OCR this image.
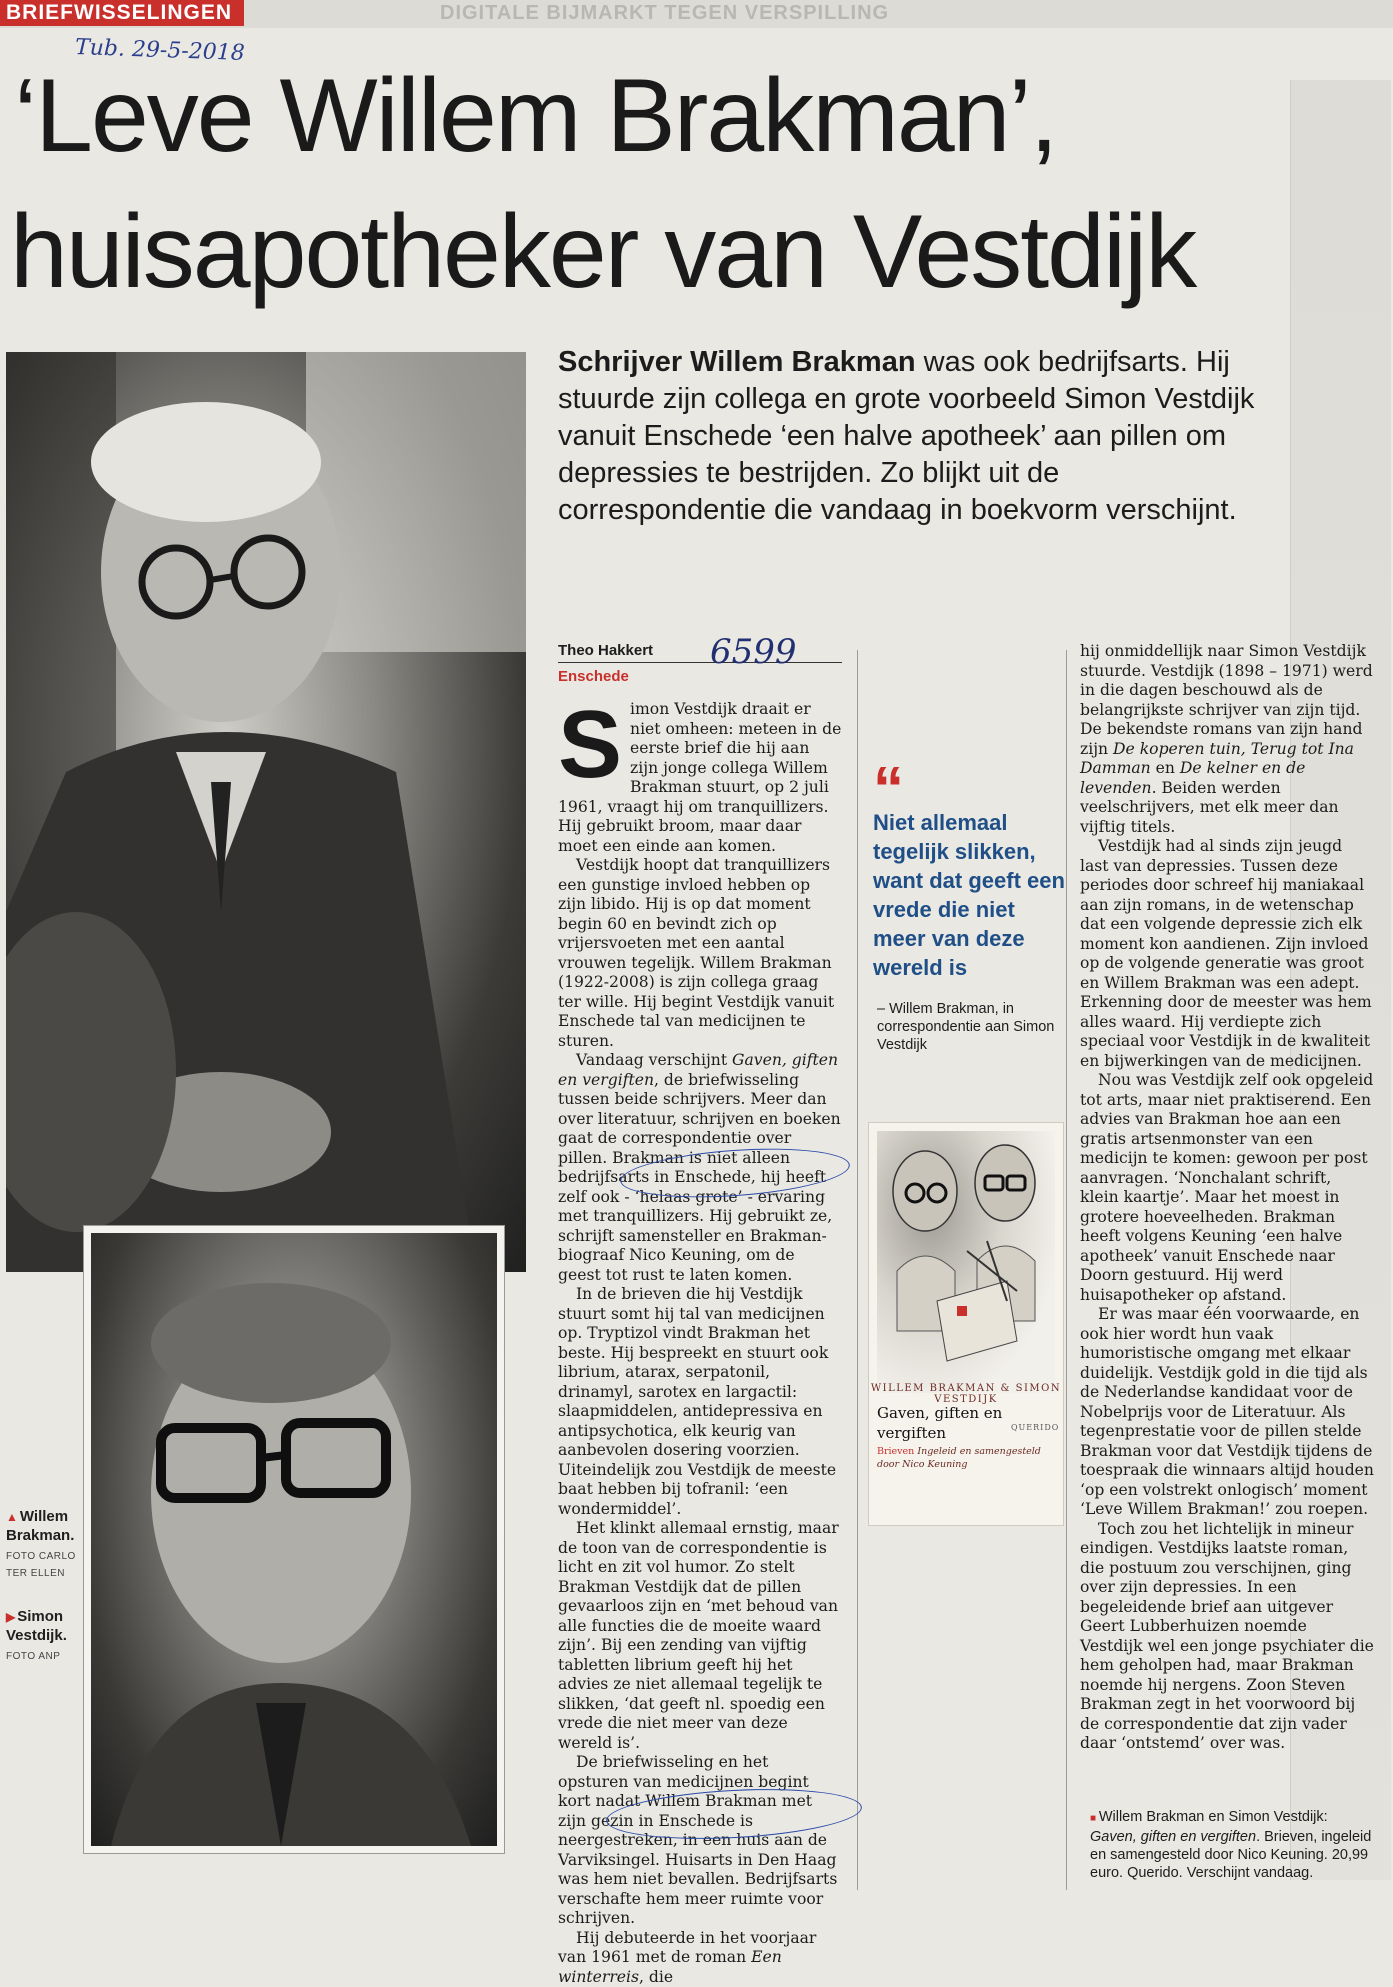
BRIEFWISSELINGEN	DIGITALE BIJMARKT TEGEN VERSPILLING
Tub. 29-5-2018
‘Leve Willem Brakman’,
huisapotheker van Vestdijk
▲ Willem
Brakman.
FOTO CARLO
TER ELLEN
▶ Simon
Vestdijk.
FOTO ANP
Schrijver Willem Brakman was ook bedrijfsarts. Hij stuurde zijn collega en grote voorbeeld Simon Vestdijk vanuit Enschede ‘een halve apotheek’ aan pillen om depressies te bestrijden. Zo blijkt uit de correspondentie die vandaag in boekvorm verschijnt.
Theo Hakkert
Enschede
6599

Simon Vestdijk draait er niet omheen: meteen in de eerste brief die hij aan zijn jonge collega Willem Brakman stuurt, op 2 juli 1961, vraagt hij om tranquillizers. Hij gebruikt broom, maar daar moet een einde aan komen.

Vestdijk hoopt dat tranquillizers een gunstige invloed hebben op zijn libido. Hij is op dat moment begin 60 en bevindt zich op vrijersvoeten met een aantal vrouwen tegelijk. Willem Brakman (1922-2008) is zijn collega graag ter wille. Hij begint Vestdijk vanuit Enschede tal van medicijnen te sturen.

Vandaag verschijnt Gaven, giften en vergiften, de briefwisseling tussen beide schrijvers. Meer dan over literatuur, schrijven en boeken gaat de correspondentie over pillen. Brakman is niet alleen bedrijfsarts in Enschede, hij heeft zelf ook - ‘helaas grote’ - ervaring met tranquillizers. Hij gebruikt ze, schrijft samensteller en Brakman-biograaf Nico Keuning, om de geest tot rust te laten komen.

In de brieven die hij Vestdijk stuurt somt hij tal van medicijnen op. Tryptizol vindt Brakman het beste. Hij bespreekt en stuurt ook librium, atarax, serpatonil, drinamyl, sarotex en largactil: slaapmiddelen, antidepressiva en antipsychotica, elk keurig van aanbevolen dosering voorzien. Uiteindelijk zou Vestdijk de meeste baat hebben bij tofranil: ‘een wondermiddel’.

Het klinkt allemaal ernstig, maar de toon van de correspondentie is licht en zit vol humor. Zo stelt Brakman Vestdijk dat de pillen gevaarloos zijn en ‘met behoud van alle functies die de moeite waard zijn’. Bij een zending van vijftig tabletten librium geeft hij het advies ze niet allemaal tegelijk te slikken, ‘dat geeft nl. spoedig een vrede die niet meer van deze wereld is’.

De briefwisseling en het opsturen van medicijnen begint kort nadat Willem Brakman met zijn gezin in Enschede is neergestreken, in een huis aan de Varviksingel. Huisarts in Den Haag was hem niet bevallen. Bedrijfsarts verschafte hem meer ruimte voor schrijven.

Hij debuteerde in het voorjaar van 1961 met de roman Een winterreis, die

“
Niet allemaal tegelijk slikken, want dat geeft een vrede die niet meer van deze wereld is
– Willem Brakman, in correspondentie aan Simon Vestdijk
WILLEM BRAKMAN & SIMON VESTDIJK
Gaven, giften en vergiften	QUERIDO
Brieven Ingeleid en samengesteld door Nico Keuning

hij onmiddellijk naar Simon Vestdijk stuurde. Vestdijk (1898 – 1971) werd in die dagen beschouwd als de belangrijkste schrijver van zijn tijd. De bekendste romans van zijn hand zijn De koperen tuin, Terug tot Ina Damman en De kelner en de levenden. Beiden werden veelschrijvers, met elk meer dan vijftig titels.

Vestdijk had al sinds zijn jeugd last van depressies. Tussen deze periodes door schreef hij maniakaal aan zijn romans, in de wetenschap dat een volgende depressie zich elk moment kon aandienen. Zijn invloed op de volgende generatie was groot en Willem Brakman was een adept. Erkenning door de meester was hem alles waard. Hij verdiepte zich speciaal voor Vestdijk in de kwaliteit en bijwerkingen van de medicijnen.

Nou was Vestdijk zelf ook opgeleid tot arts, maar niet praktiserend. Een advies van Brakman hoe aan een gratis artsenmonster van een medicijn te komen: gewoon per post aanvragen. ‘Nonchalant schrift, klein kaartje’. Maar het moest in grotere hoeveelheden. Brakman heeft volgens Keuning ‘een halve apotheek’ vanuit Enschede naar Doorn gestuurd. Hij werd huisapotheker op afstand.

Er was maar één voorwaarde, en ook hier wordt hun vaak humoristische omgang met elkaar duidelijk. Vestdijk gold in die tijd als de Nederlandse kandidaat voor de Nobelprijs voor de Literatuur. Als tegenprestatie voor de pillen stelde Brakman voor dat Vestdijk tijdens de toespraak die winnaars altijd houden ‘op een volstrekt onlogisch’ moment ‘Leve Willem Brakman!’ zou roepen.

Toch zou het lichtelijk in mineur eindigen. Vestdijks laatste roman, die postuum zou verschijnen, ging over zijn depressies. In een begeleidende brief aan uitgever Geert Lubberhuizen noemde Vestdijk wel een jonge psychiater die hem geholpen had, maar Brakman noemde hij nergens. Zoon Steven Brakman zegt in het voorwoord bij de correspondentie dat zijn vader daar ‘ontstemd’ over was.

■ Willem Brakman en Simon Vestdijk:
Gaven, giften en vergiften. Brieven, ingeleid en samengesteld door Nico Keuning. 20,99 euro. Querido. Verschijnt vandaag.
